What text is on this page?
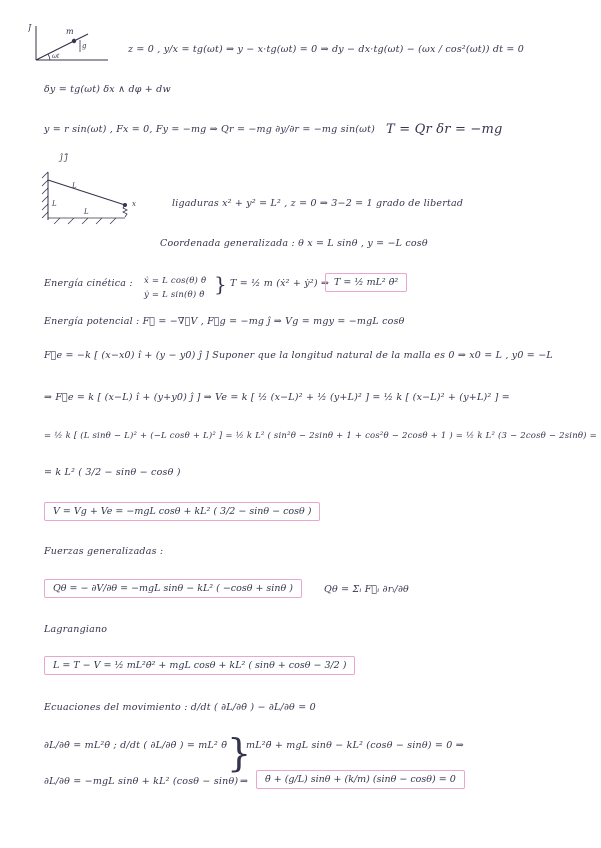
J	m
ωt
g	z = 0 , y/x = tg(ωt) ⇒ y − x·tg(ωt) = 0 ⇒ dy − dx·tg(ωt) − (ωx / cos²(ωt)) dt = 0
δy = tg(ωt) δx ∧ dφ + dw
y = r sin(ωt) , Fx = 0, Fy = −mg ⇒ Qr = −mg ∂y/∂r = −mg sin(ωt) T = Qr δr = −mg
ĵ ĵ̂
L
L
L
x	ligaduras x² + y² = L² , z = 0 ⇒ 3−2 = 1 grado de libertad
Coordenada generalizada : θ x = L sinθ , y = −L cosθ
Energía cinética : ẋ = L cos(θ) θ̇
ẏ = L sin(θ) θ̇ } T = ½ m (ẋ² + ẏ²) ⇒ T = ½ mL² θ̇²
Energía potencial : F⃗ = −∇⃗V , F⃗g = −mg ĵ ⇒ Vg = mgy = −mgL cosθ
F⃗e = −k [ (x−x0) î + (y − y0) ĵ ] Suponer que la longitud natural de la malla es 0 ⇒ x0 = L , y0 = −L
⇒ F⃗e = k [ (x−L) î + (y+y0) ĵ ] ⇒ Ve = k [ ½ (x−L)² + ½ (y+L)² ] = ½ k [ (x−L)² + (y+L)² ] =
= ½ k [ (L sinθ − L)² + (−L cosθ + L)² ] = ½ k L² ( sin²θ − 2sinθ + 1 + cos²θ − 2cosθ + 1 ) = ½ k L² (3 − 2cosθ − 2sinθ) =
= k L² ( 3/2 − sinθ − cosθ )
V = Vg + Ve = −mgL cosθ + kL² ( 3/2 − sinθ − cosθ )
Fuerzas generalizadas :
Qθ = − ∂V/∂θ = −mgL sinθ − kL² ( −cosθ + sinθ )	Qθ = Σᵢ F⃗ᵢ ∂rᵢ/∂θ
Lagrangiano
L = T − V = ½ mL²θ̇² + mgL cosθ + kL² ( sinθ + cosθ − 3/2 )
Ecuaciones del movimiento : d/dt ( ∂L/∂θ̇ ) − ∂L/∂θ = 0
∂L/∂θ̇ = mL²θ̇ ; d/dt ( ∂L/∂θ̇ ) = mL² θ̈ }
mL²θ̈ + mgL sinθ − kL² (cosθ − sinθ) = 0 ⇒
∂L/∂θ = −mgL sinθ + kL² (cosθ − sinθ) ⇒	θ̈ + (g/L) sinθ + (k/m) (sinθ − cosθ) = 0
